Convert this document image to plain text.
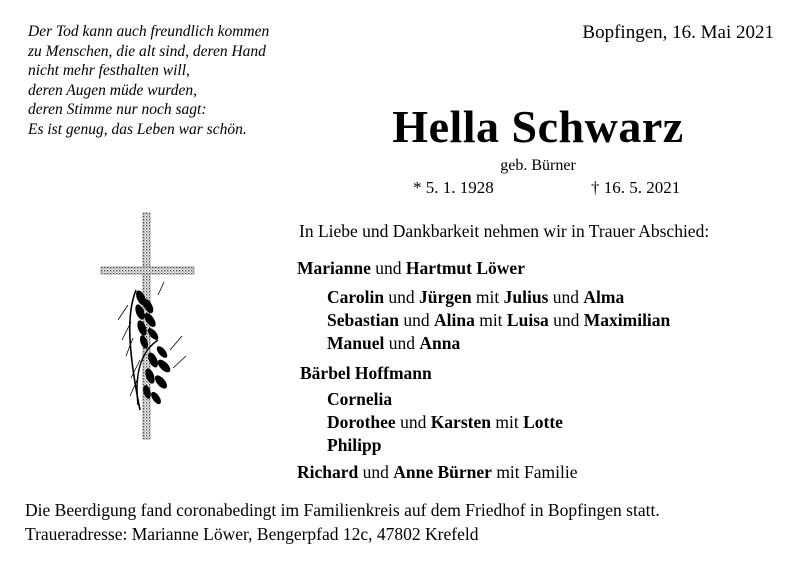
Der Tod kann auch freundlich kommen
zu Menschen, die alt sind, deren Hand
nicht mehr festhalten will,
deren Augen müde wurden,
deren Stimme nur noch sagt:
Es ist genug, das Leben war schön.
Bopfingen, 16. Mai 2021
Hella Schwarz
geb. Bürner
* 5. 1. 1928	† 16. 5. 2021
In Liebe und Dankbarkeit nehmen wir in Trauer Abschied:
Marianne und Hartmut Löwer
Carolin und Jürgen mit Julius und Alma
Sebastian und Alina mit Luisa und Maximilian
Manuel und Anna
Bärbel Hoffmann
Cornelia
Dorothee und Karsten mit Lotte
Philipp
Richard und Anne Bürner mit Familie
Die Beerdigung fand coronabedingt im Familienkreis auf dem Friedhof in Bopfingen statt.
Traueradresse: Marianne Löwer, Bengerpfad 12c, 47802 Krefeld
